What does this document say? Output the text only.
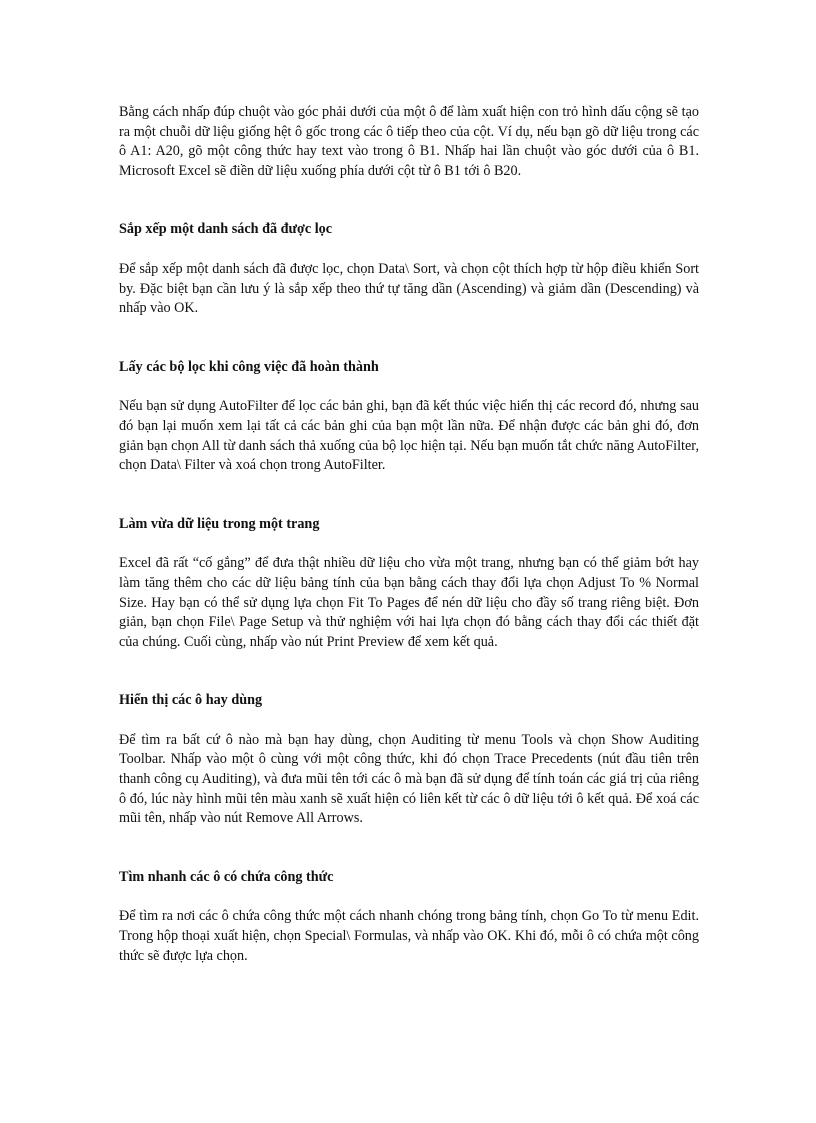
Bằng cách nhấp đúp chuột vào góc phải dưới của một ô để làm xuất hiện con trỏ hình dấu cộng sẽ tạo ra một chuỗi dữ liệu giống hệt ô gốc trong các ô tiếp theo của cột. Ví dụ, nếu bạn gõ dữ liệu trong các ô A1: A20, gõ một công thức hay text vào trong ô B1. Nhấp hai lần chuột vào góc dưới của ô B1. Microsoft Excel sẽ điền dữ liệu xuống phía dưới cột từ ô B1 tới ô B20.

Sắp xếp một danh sách đã được lọc

Để sắp xếp một danh sách đã được lọc, chọn Data\ Sort, và chọn cột thích hợp từ hộp điều khiển Sort by. Đặc biệt bạn cần lưu ý là sắp xếp theo thứ tự tăng dần (Ascending) và giảm dần (Descending) và nhấp vào OK.

Lấy các bộ lọc khi công việc đã hoàn thành

Nếu bạn sử dụng AutoFilter để lọc các bản ghi, bạn đã kết thúc việc hiển thị các record đó, nhưng sau đó bạn lại muốn xem lại tất cả các bản ghi của bạn một lần nữa. Để nhận được các bản ghi đó, đơn giản bạn chọn All từ danh sách thả xuống của bộ lọc hiện tại. Nếu bạn muốn tắt chức năng AutoFilter, chọn Data\ Filter và xoá chọn trong AutoFilter.

Làm vừa dữ liệu trong một trang

Excel đã rất “cố gắng” để đưa thật nhiều dữ liệu cho vừa một trang, nhưng bạn có thể giảm bớt hay làm tăng thêm cho các dữ liệu bảng tính của bạn bằng cách thay đổi lựa chọn Adjust To % Normal Size. Hay bạn có thể sử dụng lựa chọn Fit To Pages để nén dữ liệu cho đầy số trang riêng biệt. Đơn giản, bạn chọn File\ Page Setup và thử nghiệm với hai lựa chọn đó bằng cách thay đổi các thiết đặt của chúng. Cuối cùng, nhấp vào nút Print Preview để xem kết quả.

Hiển thị các ô hay dùng

Để tìm ra bất cứ ô nào mà bạn hay dùng, chọn Auditing từ menu Tools và chọn Show Auditing Toolbar. Nhấp vào một ô cùng với một công thức, khi đó chọn Trace Precedents (nút đầu tiên trên thanh công cụ Auditing), và đưa mũi tên tới các ô mà bạn đã sử dụng để tính toán các giá trị của riêng ô đó, lúc này hình mũi tên màu xanh sẽ xuất hiện có liên kết từ các ô dữ liệu tới ô kết quả. Để xoá các mũi tên, nhấp vào nút Remove All Arrows.

Tìm nhanh các ô có chứa công thức

Để tìm ra nơi các ô chứa công thức một cách nhanh chóng trong bảng tính, chọn Go To từ menu Edit. Trong hộp thoại xuất hiện, chọn Special\ Formulas, và nhấp vào OK. Khi đó, mỗi ô có chứa một công thức sẽ được lựa chọn.
